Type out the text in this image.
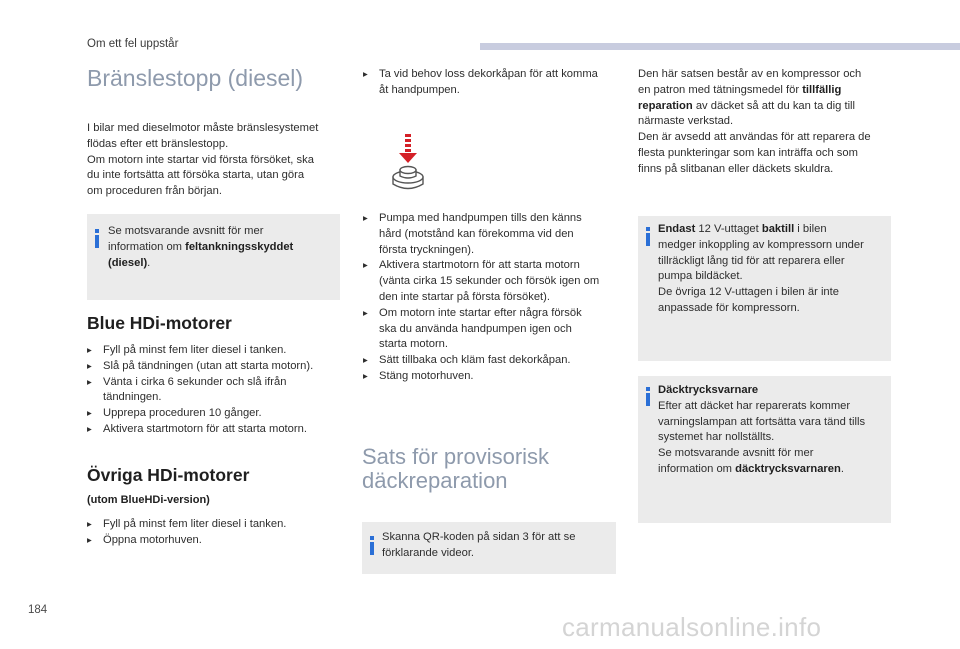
Om ett fel uppstår
Bränslestopp (diesel)

I bilar med dieselmotor måste bränslesystemet

flödas efter ett bränslestopp.

Om motorn inte startar vid första försöket, ska

du inte fortsätta att försöka starta, utan göra

om proceduren från början.

Se motsvarande avsnitt för mer
information om feltankningsskyddet
(diesel).
Blue HDi-motorer
▸	Fyll på minst fem liter diesel i tanken.
▸	Slå på tändningen (utan att starta motorn).
▸	Vänta i cirka 6 sekunder och slå ifrån
tändningen.
▸	Upprepa proceduren 10 gånger.
▸	Aktivera startmotorn för att starta motorn.
Övriga HDi-motorer
(utom BlueHDi-version)
▸	Fyll på minst fem liter diesel i tanken.
▸	Öppna motorhuven.
▸	Ta vid behov loss dekorkåpan för att komma
åt handpumpen.
▸	Pumpa med handpumpen tills den känns
hård (motstånd kan förekomma vid den
första tryckningen).
▸	Aktivera startmotorn för att starta motorn
(vänta cirka 15 sekunder och försök igen om
den inte startar på första försöket).
▸	Om motorn inte startar efter några försök
ska du använda handpumpen igen och
starta motorn.
▸	Sätt tillbaka och kläm fast dekorkåpan.
▸	Stäng motorhuven.
Sats för provisorisk
däckreparation
Skanna QR-koden på sidan 3 för att se
förklarande videor.

Den här satsen består av en kompressor och

en patron med tätningsmedel för tillfällig

reparation av däcket så att du kan ta dig till

närmaste verkstad.

Den är avsedd att användas för att reparera de

flesta punkteringar som kan inträffa och som

finns på slitbanan eller däckets skuldra.

Endast 12 V-uttaget baktill i bilen
medger inkoppling av kompressorn under
tillräckligt lång tid för att reparera eller
pumpa bildäcket.
De övriga 12 V-uttagen i bilen är inte
anpassade för kompressorn.
Däcktrycksvarnare
Efter att däcket har reparerats kommer
varningslampan att fortsätta vara tänd tills
systemet har nollställts.
Se motsvarande avsnitt för mer
information om däcktrycksvarnaren.
184
carmanualsonline.info
